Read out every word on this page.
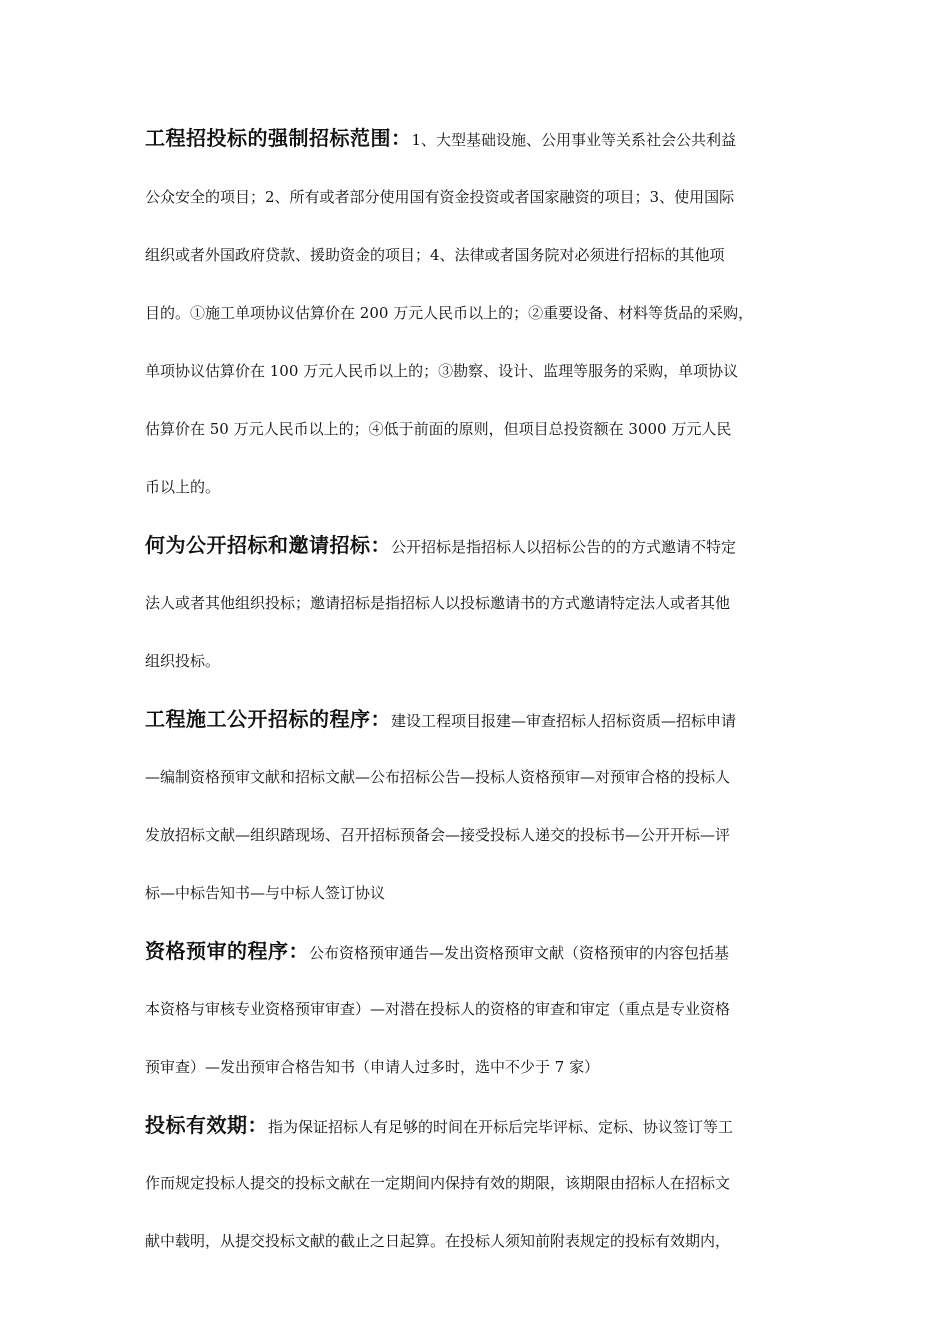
工程招投标的强制招标范围：1、大型基础设施、公用事业等关系社会公共利益
公众安全的项目；2、所有或者部分使用国有资金投资或者国家融资的项目；3、使用国际
组织或者外国政府贷款、援助资金的项目；4、法律或者国务院对必须进行招标的其他项
目的。①施工单项协议估算价在 200 万元人民币以上的；②重要设备、材料等货品的采购，
单项协议估算价在 100 万元人民币以上的；③勘察、设计、监理等服务的采购，单项协议
估算价在 50 万元人民币以上的；④低于前面的原则，但项目总投资额在 3000 万元人民
币以上的。
何为公开招标和邀请招标：公开招标是指招标人以招标公告的的方式邀请不特定
法人或者其他组织投标；邀请招标是指招标人以投标邀请书的方式邀请特定法人或者其他
组织投标。
工程施工公开招标的程序：建设工程项目报建—审查招标人招标资质—招标申请
—编制资格预审文献和招标文献—公布招标公告—投标人资格预审—对预审合格的投标人
发放招标文献—组织踏现场、召开招标预备会—接受投标人递交的投标书—公开开标—评
标—中标告知书—与中标人签订协议
资格预审的程序：公布资格预审通告—发出资格预审文献（资格预审的内容包括基
本资格与审核专业资格预审审查）—对潜在投标人的资格的审查和审定（重点是专业资格
预审查）—发出预审合格告知书（申请人过多时，选中不少于 7 家）
投标有效期：指为保证招标人有足够的时间在开标后完毕评标、定标、协议签订等工
作而规定投标人提交的投标文献在一定期间内保持有效的期限，该期限由招标人在招标文
献中载明，从提交投标文献的截止之日起算。在投标人须知前附表规定的投标有效期内，
